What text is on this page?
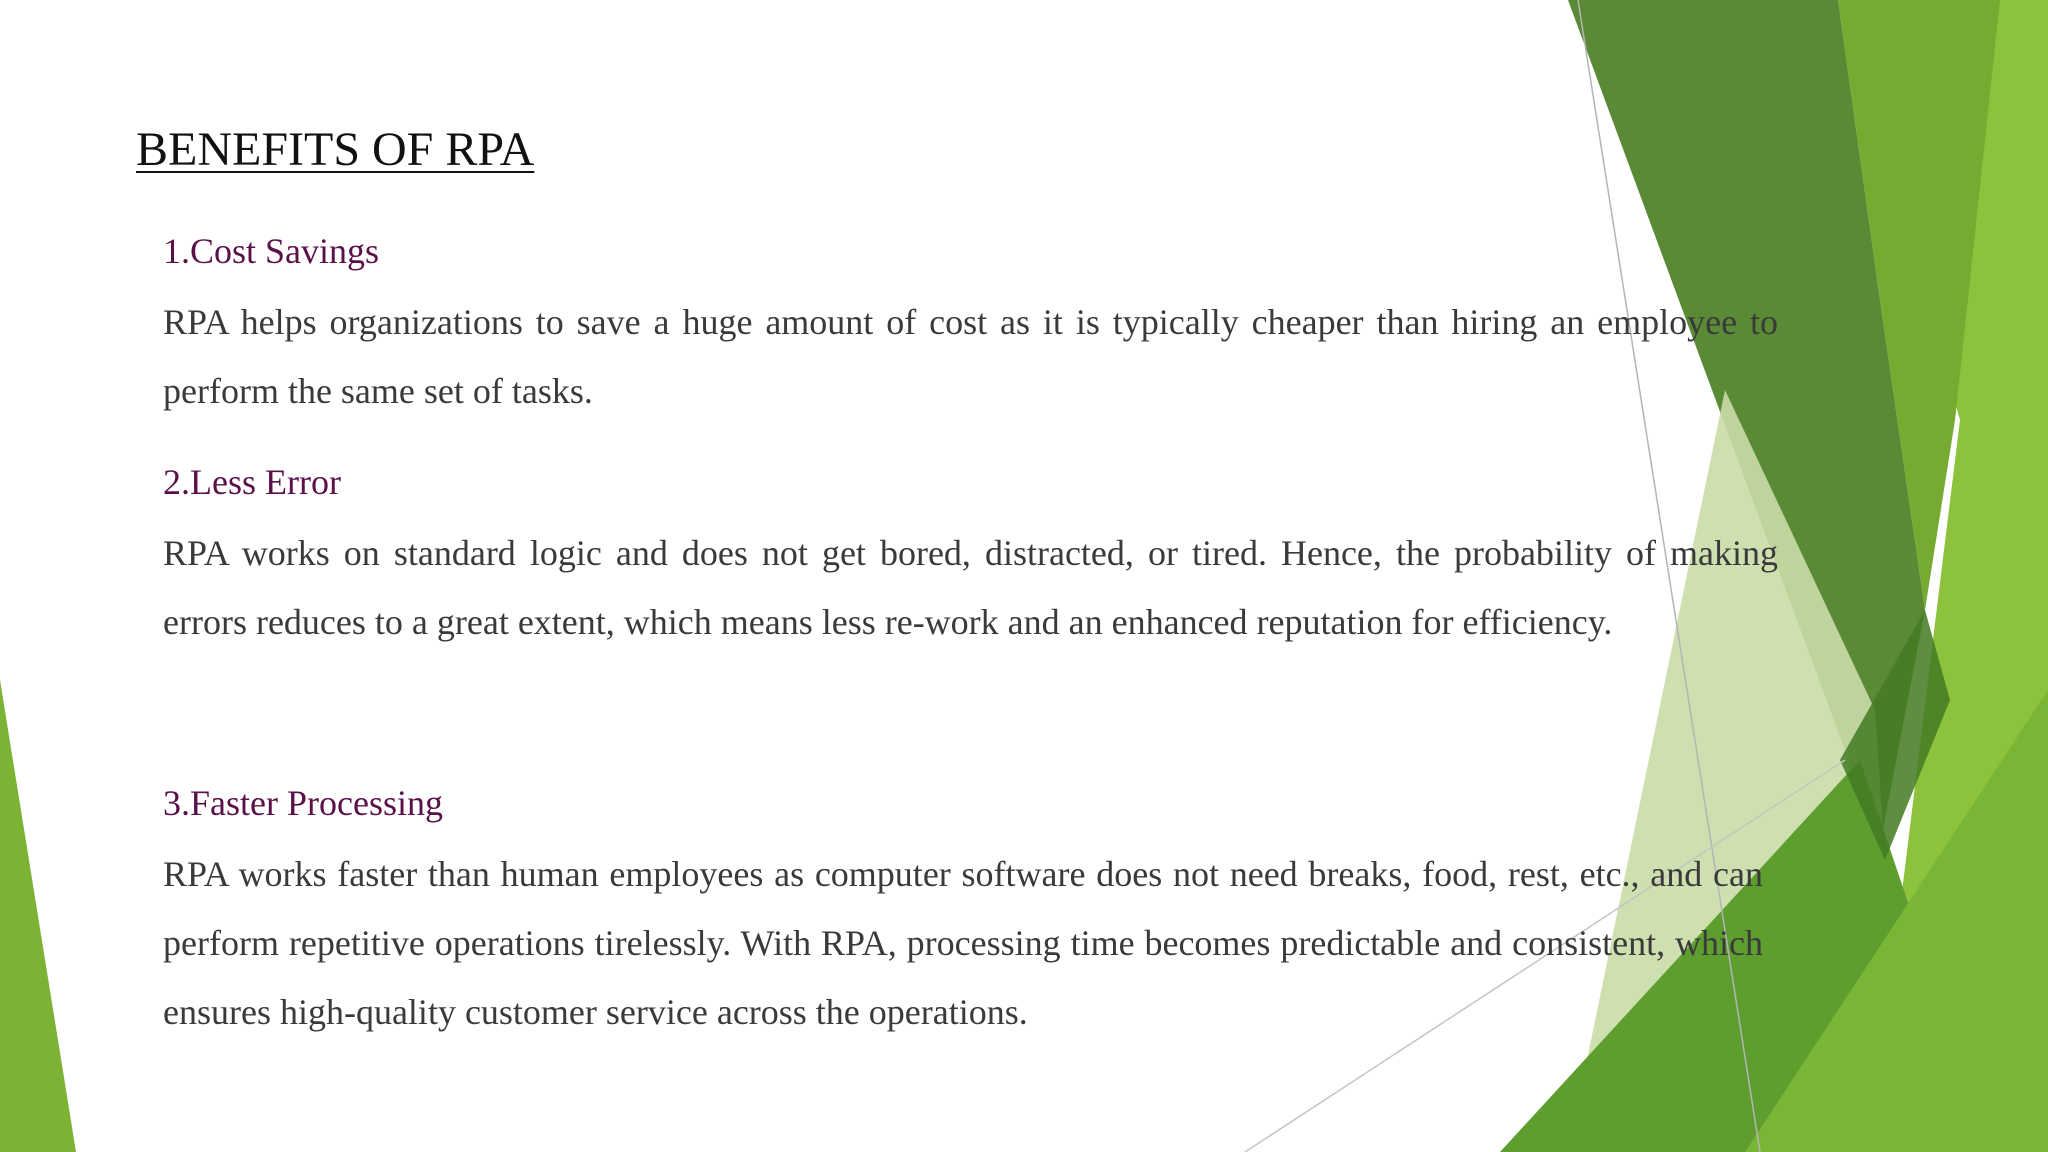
BENEFITS OF RPA
1.Cost Savings

RPA helps organizations to save a huge amount of cost as it is typically cheaper than hiring an employee to perform the same set of tasks.

2.Less Error

RPA works on standard logic and does not get bored, distracted, or tired. Hence, the probability of making errors reduces to a great extent, which means less re-work and an enhanced reputation for efficiency.

3.Faster Processing

RPA works faster than human employees as computer software does not need breaks, food, rest, etc., and can perform repetitive operations tirelessly. With RPA, processing time becomes predictable and consistent, which ensures high-quality customer service across the operations.
